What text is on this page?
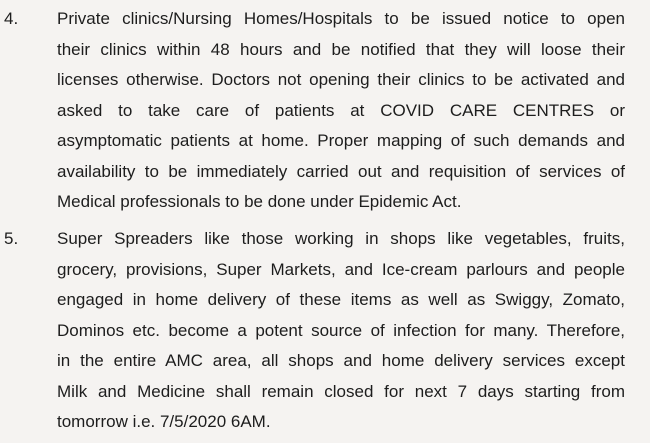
4. Private clinics/Nursing Homes/Hospitals to be issued notice to open
their clinics within 48 hours and be notified that they will loose their
licenses otherwise. Doctors not opening their clinics to be activated and
asked to take care of patients at COVID CARE CENTRES or
asymptomatic patients at home. Proper mapping of such demands and
availability to be immediately carried out and requisition of services of
Medical professionals to be done under Epidemic Act.
5. Super Spreaders like those working in shops like vegetables, fruits,
grocery, provisions, Super Markets, and Ice-cream parlours and people
engaged in home delivery of these items as well as Swiggy, Zomato,
Dominos etc. become a potent source of infection for many. Therefore,
in the entire AMC area, all shops and home delivery services except
Milk and Medicine shall remain closed for next 7 days starting from
tomorrow i.e. 7/5/2020 6AM.
